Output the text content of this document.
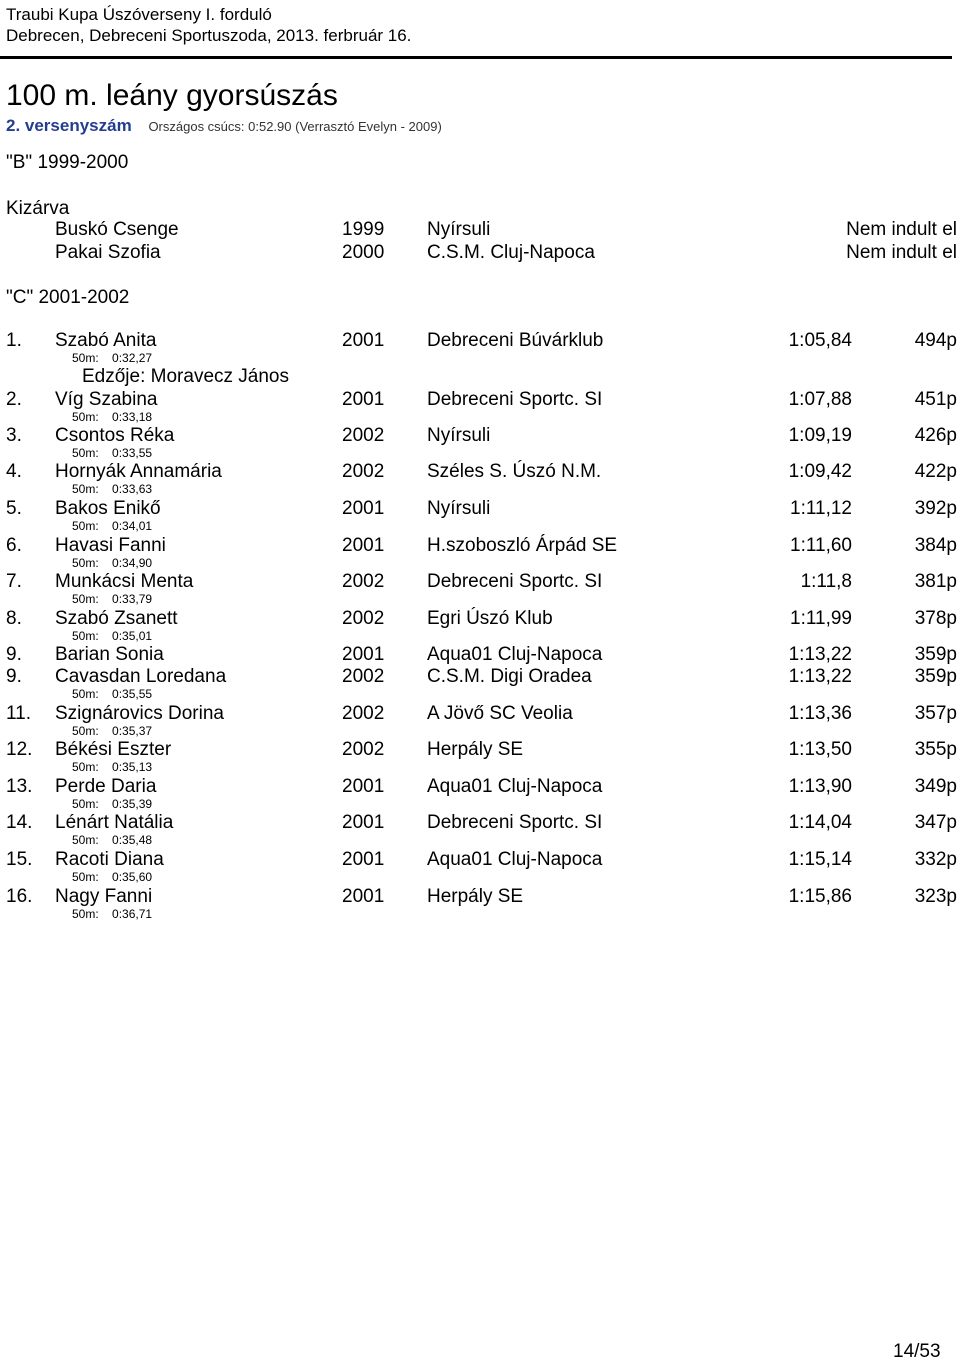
Traubi Kupa Úszóverseny I. forduló
Debrecen, Debreceni Sportuszoda, 2013. ferbruár 16.
100 m. leány gyorsúszás
2. versenyszám Országos csúcs: 0:52.90 (Verrasztó Evelyn - 2009)
"B" 1999-2000
Kizárva
Buskó Csenge	1999 Nyírsuli	Nem indult el
Pakai Szofia	2000 C.S.M. Cluj-Napoca	Nem indult el
"C" 2001-2002
1. Szabó Anita	2001 Debreceni Búvárklub	1:05,84	494p
50m:    0:32,27
Edzője: Moravecz János
2. Víg Szabina	2001 Debreceni Sportc. SI	1:07,88	451p
50m:    0:33,18
3. Csontos Réka	2002 Nyírsuli	1:09,19	426p
50m:    0:33,55
4. Hornyák Annamária	2002 Széles S. Úszó N.M.	1:09,42	422p
50m:    0:33,63
5. Bakos Enikő	2001 Nyírsuli	1:11,12	392p
50m:    0:34,01
6. Havasi Fanni	2001 H.szoboszló Árpád SE	1:11,60	384p
50m:    0:34,90
7. Munkácsi Menta	2002 Debreceni Sportc. SI	1:11,8	381p
50m:    0:33,79
8. Szabó Zsanett	2002 Egri Úszó Klub	1:11,99	378p
50m:    0:35,01
9. Barian Sonia	2001 Aqua01 Cluj-Napoca	1:13,22	359p
9. Cavasdan Loredana	2002 C.S.M. Digi Oradea	1:13,22	359p
50m:    0:35,55
11. Szignárovics Dorina	2002 A Jövő SC Veolia	1:13,36	357p
50m:    0:35,37
12. Békési Eszter	2002 Herpály SE	1:13,50	355p
50m:    0:35,13
13. Perde Daria	2001 Aqua01 Cluj-Napoca	1:13,90	349p
50m:    0:35,39
14. Lénárt Natália	2001 Debreceni Sportc. SI	1:14,04	347p
50m:    0:35,48
15. Racoti Diana	2001 Aqua01 Cluj-Napoca	1:15,14	332p
50m:    0:35,60
16. Nagy Fanni	2001 Herpály SE	1:15,86	323p
50m:    0:36,71
14/53
